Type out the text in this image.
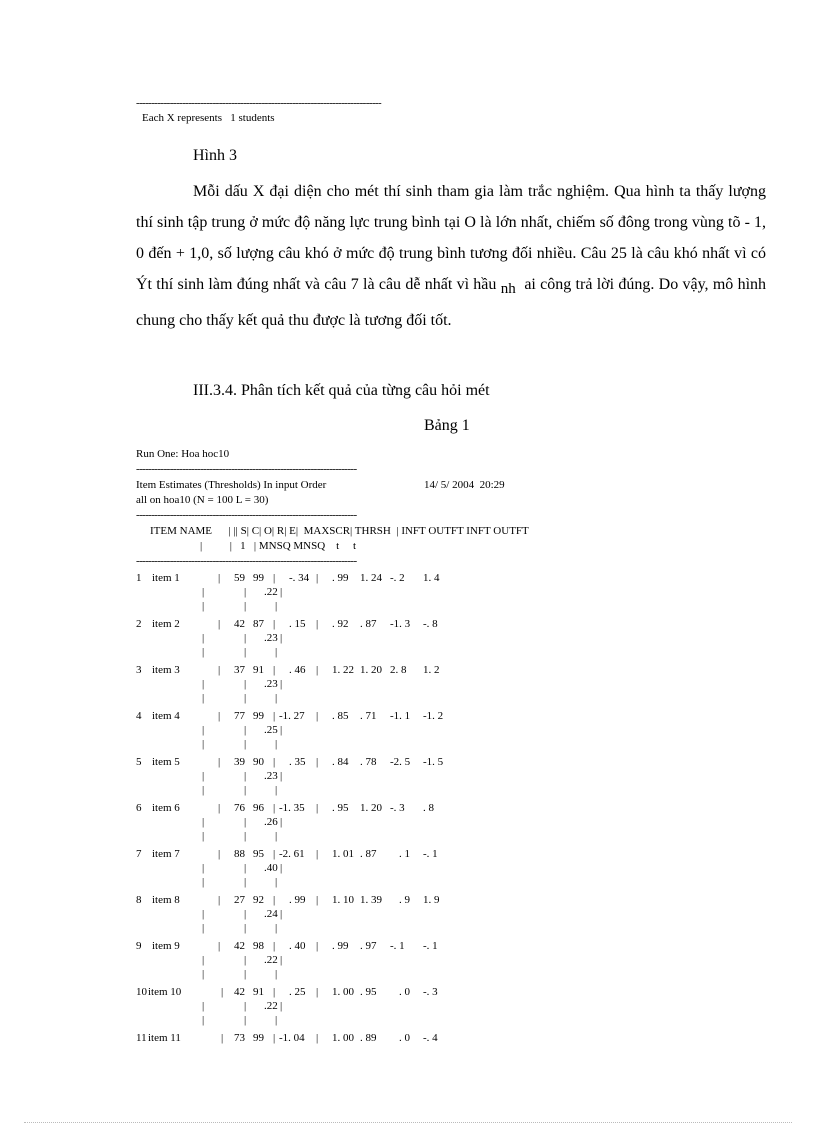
--------------------------------------------------------------------------------
Each X represents   1 students
Hình 3

Mỗi dấu X đại diện cho mét thí sinh tham gia làm trắc nghiệm. Qua hình ta thấy lượng thí sinh tập trung ở mức độ năng lực trung bình tại O là lớn nhất, chiếm số đông trong vùng tõ - 1, 0 đến + 1,0, số lượng câu khó ở mức độ trung bình tương đối nhiều. Câu 25 là câu khó nhất vì có Ýt thí sinh làm đúng nhất và câu 7 là câu dễ nhất vì hầu $_{nh}$ ai công trả lời đúng. Do vậy, mô hình chung cho thấy kết quả thu được là tương đối tốt.

III.3.4. Phân tích kết quả của từng câu hỏi mét
Bảng 1
Run One: Hoa hoc10
------------------------------------------------------------------------
Item Estimates (Thresholds) In input Order	14/ 5/ 2004  20:29
all on hoa10 (N = 100 L = 30)
------------------------------------------------------------------------
ITEM NAME      | || S| C| O| R| E|  MAXSCR| THRSH  | INFT OUTFT INFT OUTFT
|          |   1   | MNSQ MNSQ    t     t
------------------------------------------------------------------------
1 item 1	| 59 99 | -. 34 | . 99 1. 24 -. 2 1. 4
|	| .22 |
|	|	|
2 item 2	| 42 87 | . 15 | . 92 . 87 -1. 3 -. 8
|	| .23 |
|	|	|
3 item 3	| 37 91 | . 46 | 1. 22 1. 20 2. 8 1. 2
|	| .23 |
|	|	|
4 item 4	| 77 99 | -1. 27 | . 85 . 71 -1. 1 -1. 2
|	| .25 |
|	|	|
5 item 5	| 39 90 | . 35 | . 84 . 78 -2. 5 -1. 5
|	| .23 |
|	|	|
6 item 6	| 76 96 | -1. 35 | . 95 1. 20 -. 3 . 8
|	| .26 |
|	|	|
7 item 7	| 88 95 | -2. 61 | 1. 01 . 87 . 1 -. 1
|	| .40 |
|	|	|
8 item 8	| 27 92 | . 99 | 1. 10 1. 39 . 9 1. 9
|	| .24 |
|	|	|
9 item 9	| 42 98 | . 40 | . 99 . 97 -. 1 -. 1
|	| .22 |
|	|	|
10 item 10	| 42 91 | . 25 | 1. 00 . 95 . 0 -. 3
|	| .22 |
|	|	|
11 item 11	| 73 99 | -1. 04 | 1. 00 . 89 . 0 -. 4
